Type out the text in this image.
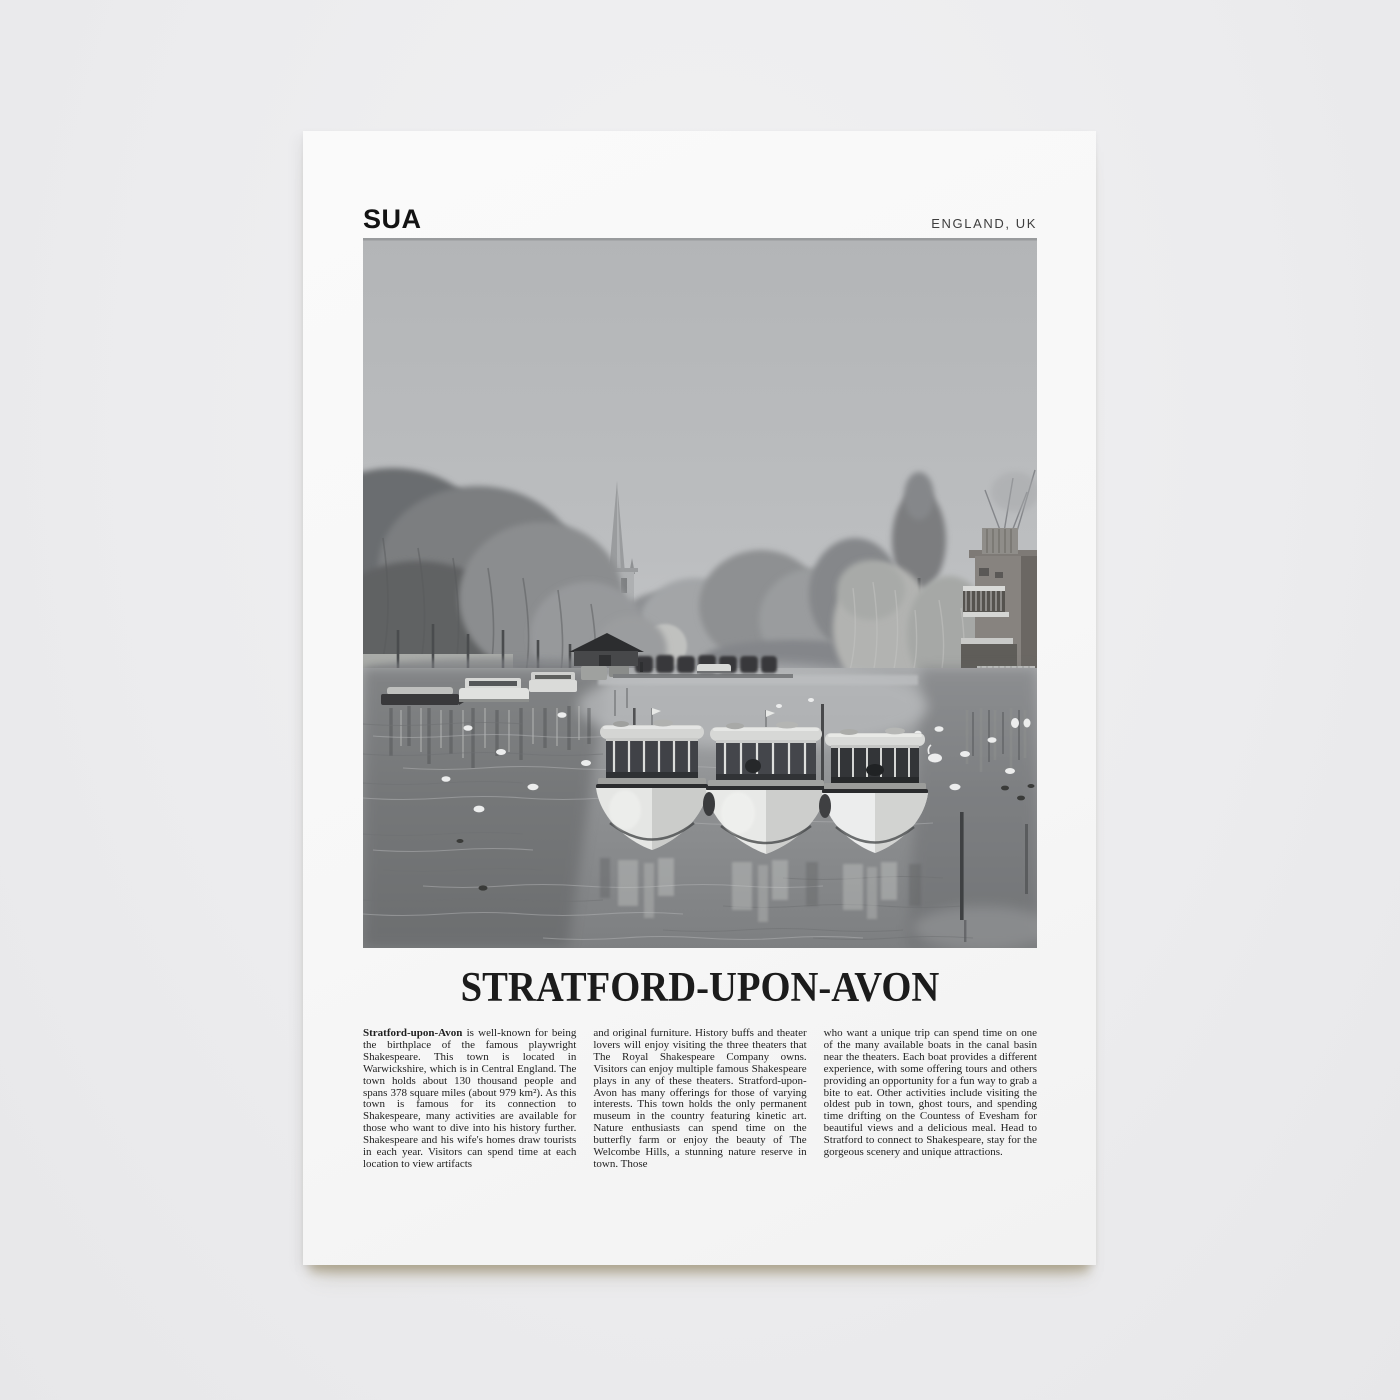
SUA	ENGLAND, UK
STRATFORD-UPON-AVON

Stratford-upon-Avon is well-known for being the birthplace of the famous playwright Shakespeare. This town is located in Warwickshire, which is in Central England. The town holds about 130 thousand people and spans 378 square miles (about 979 km²). As this town is famous for its connection to Shakespeare, many activities are available for those who want to dive into his history further. Shakespeare and his wife's homes draw tourists in each year. Visitors can spend time at each location to view artifacts

and original furniture. History buffs and theater lovers will enjoy visiting the three theaters that The Royal Shakespeare Company owns. Visitors can enjoy multiple famous Shakespeare plays in any of these theaters. Stratford-upon-Avon has many offerings for those of varying interests. This town holds the only permanent museum in the country featuring kinetic art. Nature enthusiasts can spend time on the butterfly farm or enjoy the beauty of The Welcombe Hills, a stunning nature reserve in town. Those

who want a unique trip can spend time on one of the many available boats in the canal basin near the theaters. Each boat provides a different experience, with some offering tours and others providing an opportunity for a fun way to grab a bite to eat. Other activities include visiting the oldest pub in town, ghost tours, and spending time drifting on the Countess of Evesham for beautiful views and a delicious meal. Head to Stratford to connect to Shakespeare, stay for the gorgeous scenery and unique attractions.
